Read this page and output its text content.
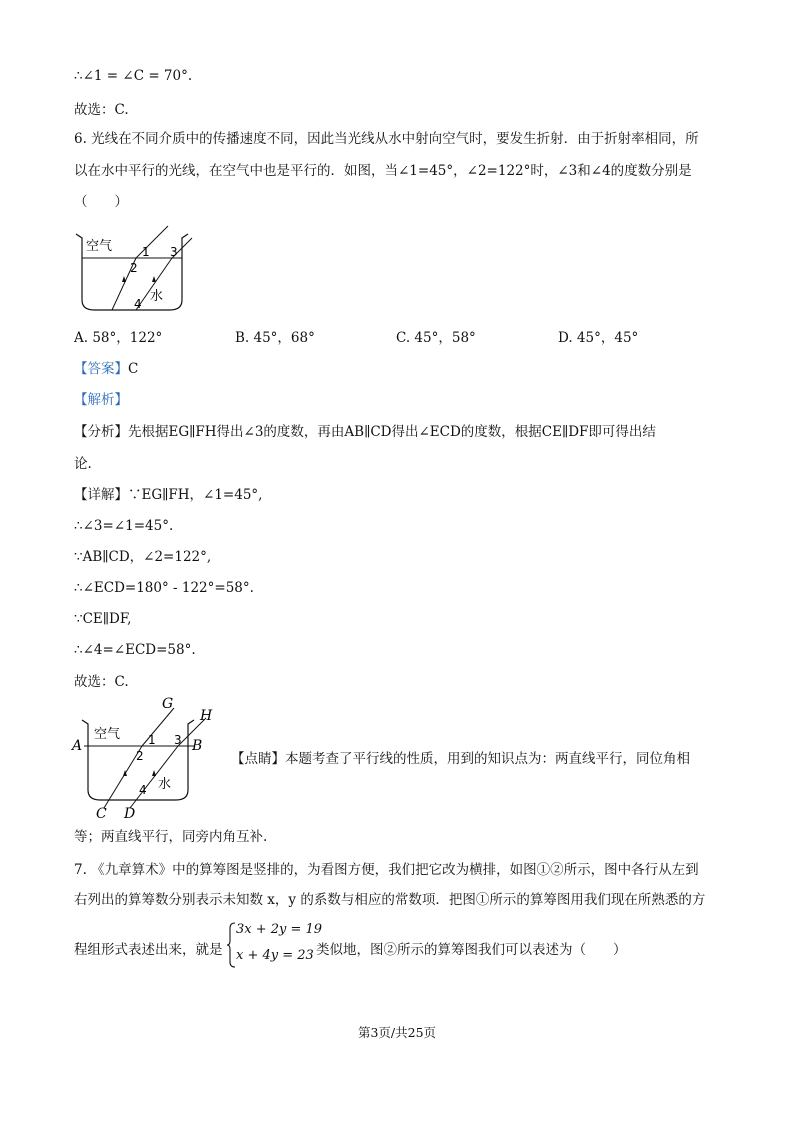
∴∠1 = ∠C = 70°.
故选：C.
6. 光线在不同介质中的传播速度不同，因此当光线从水中射向空气时，要发生折射．由于折射率相同，所
以在水中平行的光线，在空气中也是平行的．如图，当∠1=45°，∠2=122°时，∠3和∠4的度数分别是
（　　）
空气 1
2
3
4 水
A. 58°，122°	B. 45°，68°	C. 45°，58°	D. 45°，45°
【答案】C
【解析】
【分析】先根据EG∥FH得出∠3的度数，再由AB∥CD得出∠ECD的度数，根据CE∥DF即可得出结
论.
【详解】∵EG∥FH，∠1=45°,
∴∠3=∠1=45°.
∵AB∥CD，∠2=122°,
∴∠ECD=180° - 122°=58°.
∵CE∥DF,
∴∠4=∠ECD=58°.
故选：C.
空气 1
2
3
4 水
A	B
C D
G
H
【点睛】本题考查了平行线的性质，用到的知识点为：两直线平行，同位角相
等；两直线平行，同旁内角互补.
7. 《九章算术》中的算筹图是竖排的，为看图方便，我们把它改为横排，如图①②所示，图中各行从左到
右列出的算筹数分别表示未知数 x，y 的系数与相应的常数项．把图①所示的算筹图用我们现在所熟悉的方
程组形式表述出来，就是
3x + 2y = 19
x + 4y = 23 类似地，图②所示的算筹图我们可以表述为（　　）
第3页/共25页
